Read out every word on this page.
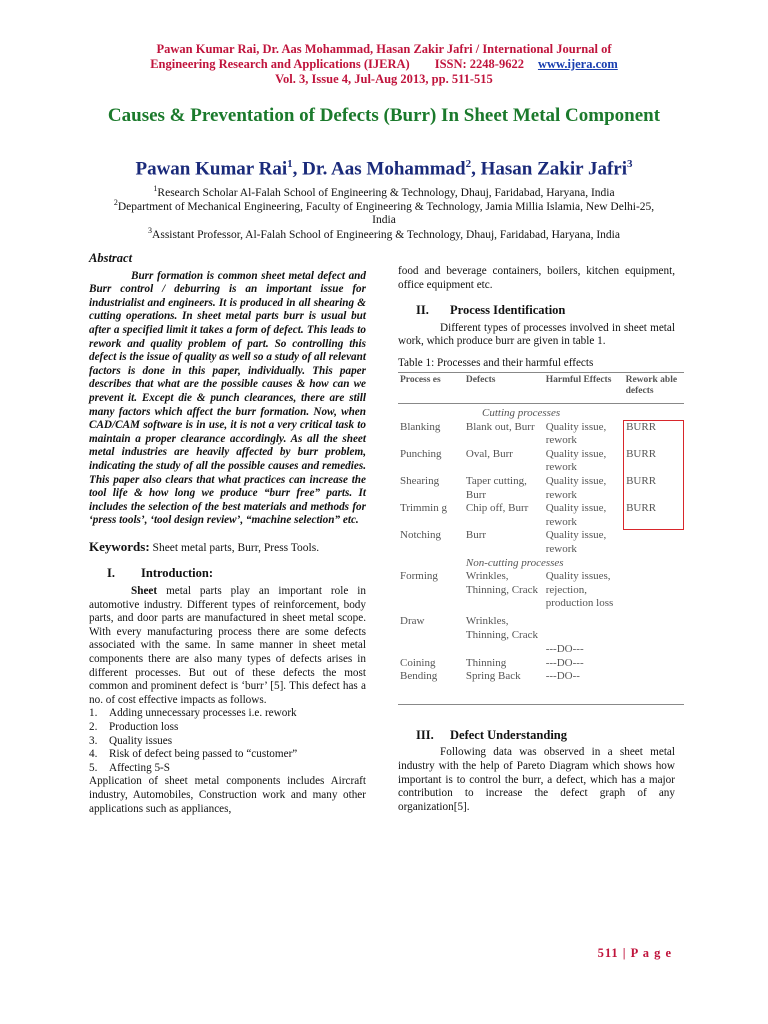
Pawan Kumar Rai, Dr. Aas Mohammad, Hasan Zakir Jafri / International Journal of
Engineering Research and Applications (IJERA)        ISSN: 2248-9622 www.ijera.com
Vol. 3, Issue 4, Jul-Aug 2013, pp. 511-515
Causes & Preventation of Defects (Burr) In Sheet Metal Component
Pawan Kumar Rai$^1$, Dr. Aas Mohammad$^2$, Hasan Zakir Jafri$^3$
$^1$Research Scholar Al-Falah School of Engineering & Technology, Dhauj, Faridabad, Haryana, India
$^2$Department of Mechanical Engineering, Faculty of Engineering & Technology, Jamia Millia Islamia, New Delhi-25, India
$^3$Assistant Professor, Al-Falah School of Engineering & Technology, Dhauj, Faridabad, Haryana, India
Abstract

Burr formation is common sheet metal defect and Burr control / deburring is an important issue for industrialist and engineers. It is produced in all shearing & cutting operations. In sheet metal parts burr is usual but after a specified limit it takes a form of defect. This leads to rework and quality problem of part. So controlling this defect is the issue of quality as well so a study of all relevant factors is done in this paper, individually. This paper describes that what are the possible causes & how can we prevent it. Except die & punch clearances, there are still many factors which affect the burr formation. Now, when CAD/CAM software is in use, it is not a very critical task to maintain a proper clearance accordingly. As all the sheet metal industries are heavily affected by burr problem, indicating the study of all the possible causes and remedies. This paper also clears that what practices can increase the tool life & how long we produce “burr free” parts. It includes the selection of the best materials and methods for ‘press tools’, ‘tool design review’, “machine selection” etc.

Keywords: Sheet metal parts, Burr, Press Tools.
I. Introduction:

Sheet metal parts play an important role in automotive industry. Different types of reinforcement, body parts, and door parts are manufactured in sheet metal scope. With every manufacturing process there are some defects associated with the same. In same manner in sheet metal components there are also many types of defects arises in different processes. But out of these defects the most common and prominent defect is ‘burr’ [5]. This defect has a no. of cost effective impacts as follows.

1.	Adding unnecessary processes i.e. rework
2.	Production loss
3.	Quality issues
4.	Risk of defect being passed to “customer”
5.	Affecting 5-S

Application of sheet metal components includes Aircraft industry, Automobiles, Construction work and many other applications such as appliances,

food and beverage containers, boilers, kitchen equipment, office equipment etc.

II. Process Identification

Different types of processes involved in sheet metal work, which produce burr are given in table 1.

Table 1: Processes and their harmful effects
Process es	Defects	Harmful Effects	Rework able defects
Cutting processes			
Blanking	Blank out, Burr	Quality issue, rework	BURR
Punching	Oval, Burr	Quality issue, rework	BURR
Shearing	Taper cutting, Burr	Quality issue, rework	BURR
Trimmin g	Chip off, Burr	Quality issue, rework	BURR
Notching	Burr	Quality issue, rework	
	Non-cutting processes		
Forming	Wrinkles, Thinning, Crack	Quality issues, rejection, production loss	
Draw	Wrinkles, Thinning, Crack	---DO---	
Coining	Thinning	---DO---	
Bending	Spring Back	---DO--	
III. Defect Understanding

Following data was observed in a sheet metal industry with the help of Pareto Diagram which shows how important is to control the burr, a defect, which has a major contribution to increase the defect graph of any organization[5].

511 | P a g e
